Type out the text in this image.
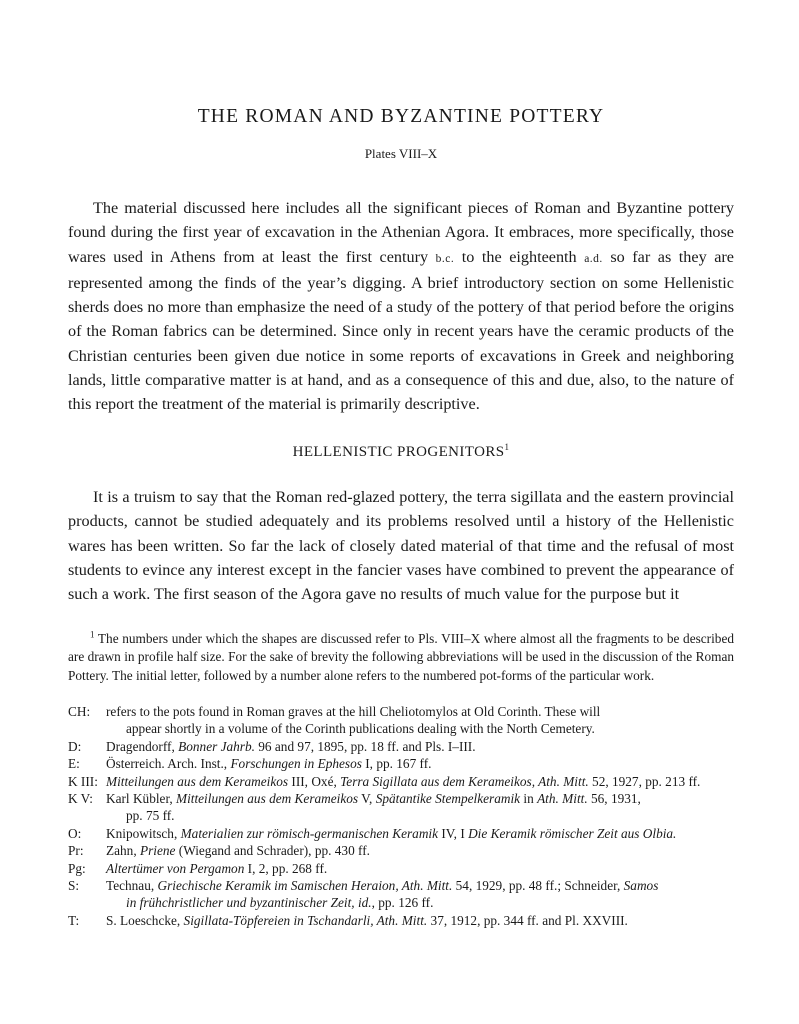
THE ROMAN AND BYZANTINE POTTERY

Plates VIII–X

The material discussed here includes all the significant pieces of Roman and Byzantine pottery found during the first year of excavation in the Athenian Agora. It embraces, more specifically, those wares used in Athens from at least the first century b.c. to the eighteenth a.d. so far as they are represented among the finds of the year’s digging. A brief introductory section on some Hellenistic sherds does no more than emphasize the need of a study of the pottery of that period before the origins of the Roman fabrics can be determined. Since only in recent years have the ceramic products of the Christian centuries been given due notice in some reports of excavations in Greek and neighboring lands, little comparative matter is at hand, and as a consequence of this and due, also, to the nature of this report the treatment of the material is primarily descriptive.

HELLENISTIC PROGENITORS$^1$

It is a truism to say that the Roman red-glazed pottery, the terra sigillata and the eastern provincial products, cannot be studied adequately and its problems resolved until a history of the Hellenistic wares has been written. So far the lack of closely dated material of that time and the refusal of most students to evince any interest except in the fancier vases have combined to prevent the appearance of such a work. The first season of the Agora gave no results of much value for the purpose but it

$^1$ The numbers under which the shapes are discussed refer to Pls. VIII–X where almost all the fragments to be described are drawn in profile half size. For the sake of brevity the following abbreviations will be used in the discussion of the Roman Pottery. The initial letter, followed by a number alone refers to the numbered pot-forms of the particular work.

CH: refers to the pots found in Roman graves at the hill Cheliotomylos at Old Corinth. These will
appear shortly in a volume of the Corinth publications dealing with the North Cemetery.
D: Dragendorff, Bonner Jahrb. 96 and 97, 1895, pp. 18 ff. and Pls. I–III.
E: Österreich. Arch. Inst., Forschungen in Ephesos I, pp. 167 ff.
K III: Mitteilungen aus dem Kerameikos III, Oxé, Terra Sigillata aus dem Kerameikos, Ath. Mitt. 52, 1927, pp. 213 ff.
K V: Karl Kübler, Mitteilungen aus dem Kerameikos V, Spätantike Stempelkeramik in Ath. Mitt. 56, 1931,
pp. 75 ff.
O: Knipowitsch, Materialien zur römisch-germanischen Keramik IV, I Die Keramik römischer Zeit aus Olbia.
Pr: Zahn, Priene (Wiegand and Schrader), pp. 430 ff.
Pg: Altertümer von Pergamon I, 2, pp. 268 ff.
S: Technau, Griechische Keramik im Samischen Heraion, Ath. Mitt. 54, 1929, pp. 48 ff.; Schneider, Samos
in frühchristlicher und byzantinischer Zeit, id., pp. 126 ff.
T: S. Loeschcke, Sigillata-Töpfereien in Tschandarli, Ath. Mitt. 37, 1912, pp. 344 ff. and Pl. XXVIII.
